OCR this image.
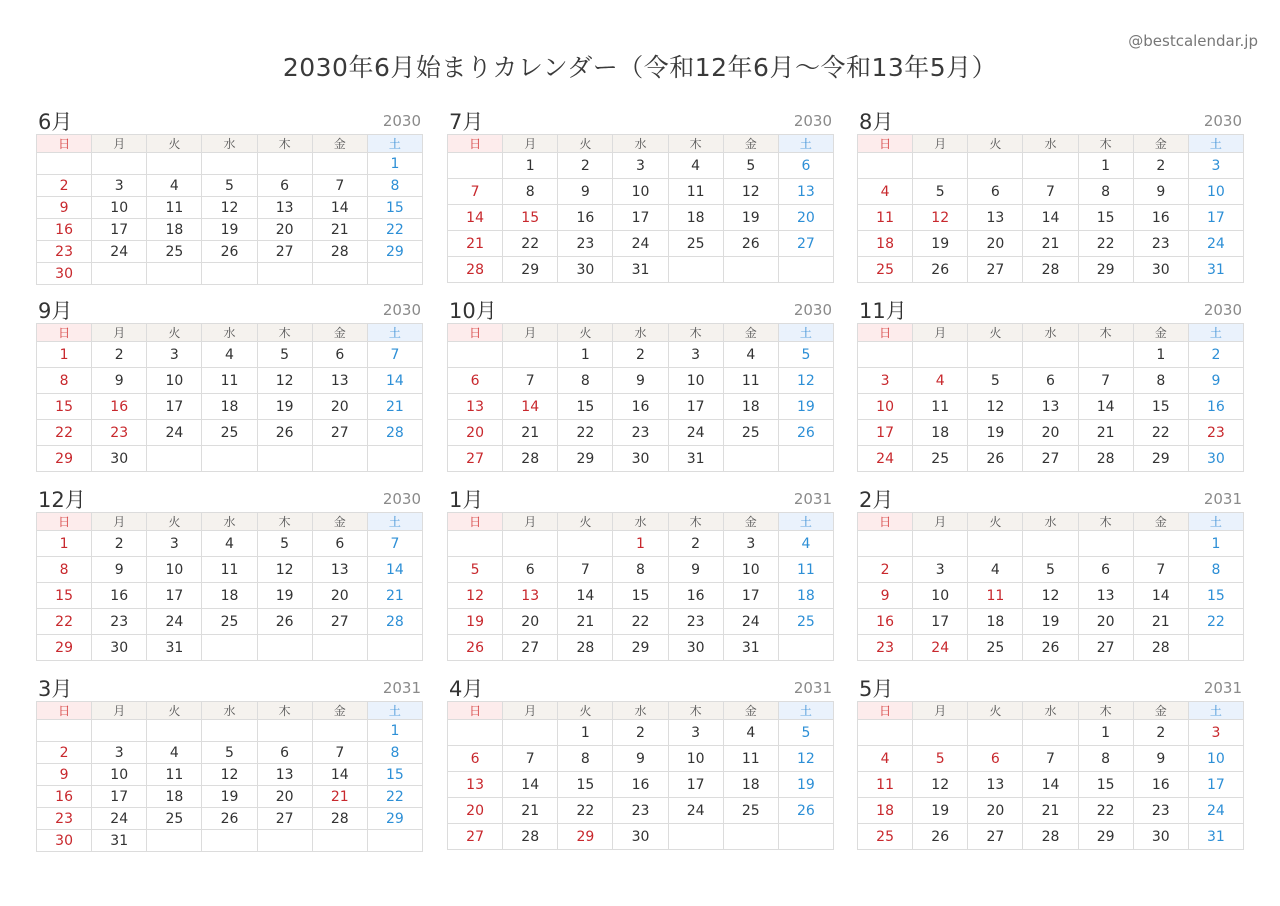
@bestcalendar.jp
2030年6月始まりカレンダー（令和12年6月〜令和13年5月）
6月	2030
日	月	火	水	木	金	土
						1
2	3	4	5	6	7	8
9	10	11	12	13	14	15
16	17	18	19	20	21	22
23	24	25	26	27	28	29
30						
7月	2030
日	月	火	水	木	金	土
	1	2	3	4	5	6
7	8	9	10	11	12	13
14	15	16	17	18	19	20
21	22	23	24	25	26	27
28	29	30	31			
8月	2030
日	月	火	水	木	金	土
				1	2	3
4	5	6	7	8	9	10
11	12	13	14	15	16	17
18	19	20	21	22	23	24
25	26	27	28	29	30	31
9月	2030
日	月	火	水	木	金	土
1	2	3	4	5	6	7
8	9	10	11	12	13	14
15	16	17	18	19	20	21
22	23	24	25	26	27	28
29	30					
10月	2030
日	月	火	水	木	金	土
		1	2	3	4	5
6	7	8	9	10	11	12
13	14	15	16	17	18	19
20	21	22	23	24	25	26
27	28	29	30	31		
11月	2030
日	月	火	水	木	金	土
					1	2
3	4	5	6	7	8	9
10	11	12	13	14	15	16
17	18	19	20	21	22	23
24	25	26	27	28	29	30
12月	2030
日	月	火	水	木	金	土
1	2	3	4	5	6	7
8	9	10	11	12	13	14
15	16	17	18	19	20	21
22	23	24	25	26	27	28
29	30	31				
1月	2031
日	月	火	水	木	金	土
			1	2	3	4
5	6	7	8	9	10	11
12	13	14	15	16	17	18
19	20	21	22	23	24	25
26	27	28	29	30	31	
2月	2031
日	月	火	水	木	金	土
						1
2	3	4	5	6	7	8
9	10	11	12	13	14	15
16	17	18	19	20	21	22
23	24	25	26	27	28	
3月	2031
日	月	火	水	木	金	土
						1
2	3	4	5	6	7	8
9	10	11	12	13	14	15
16	17	18	19	20	21	22
23	24	25	26	27	28	29
30	31					
4月	2031
日	月	火	水	木	金	土
		1	2	3	4	5
6	7	8	9	10	11	12
13	14	15	16	17	18	19
20	21	22	23	24	25	26
27	28	29	30			
5月	2031
日	月	火	水	木	金	土
				1	2	3
4	5	6	7	8	9	10
11	12	13	14	15	16	17
18	19	20	21	22	23	24
25	26	27	28	29	30	31
